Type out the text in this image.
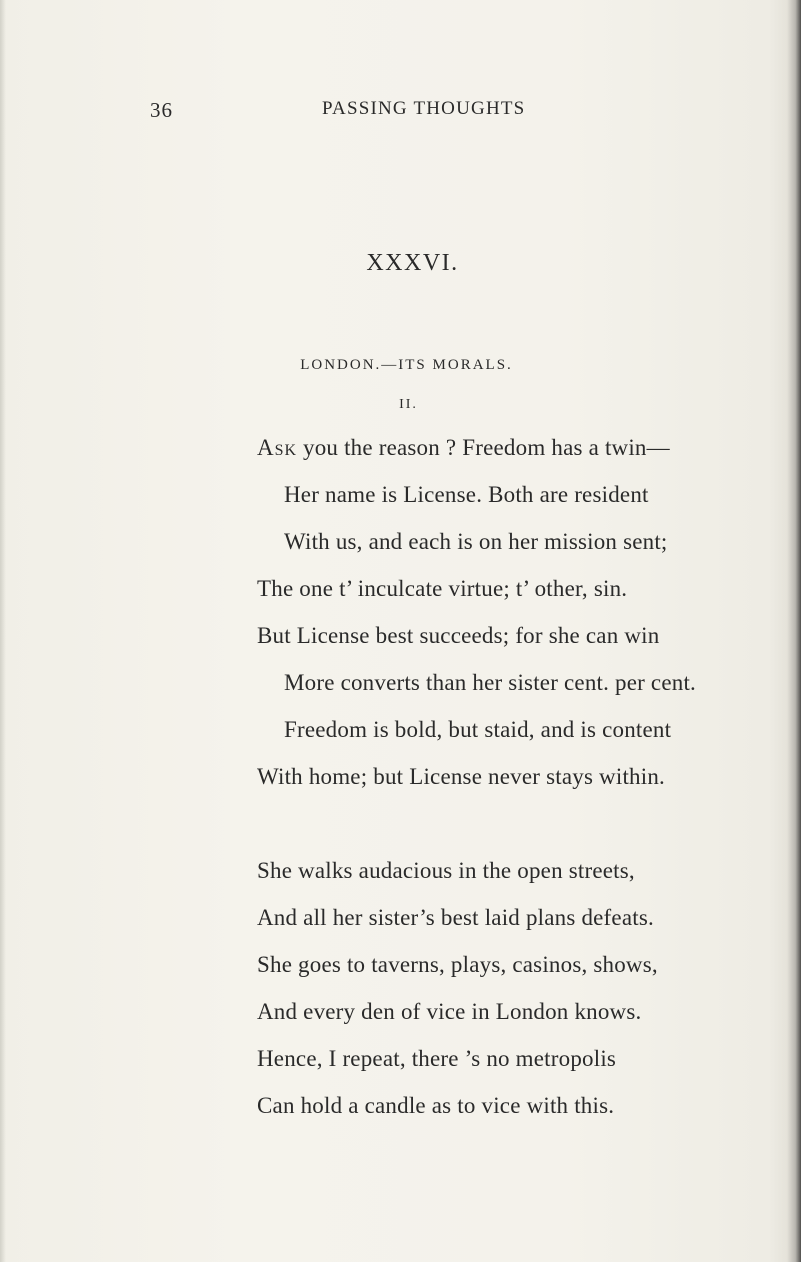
36	PASSING THOUGHTS
XXXVI.
LONDON.—ITS MORALS.
II.
Ask you the reason ? Freedom has a twin—
Her name is License. Both are resident
With us, and each is on her mission sent;
The one t’ inculcate virtue; t’ other, sin.
But License best succeeds; for she can win
More converts than her sister cent. per cent.
Freedom is bold, but staid, and is content
With home; but License never stays within.
She walks audacious in the open streets,
And all her sister’s best laid plans defeats.
She goes to taverns, plays, casinos, shows,
And every den of vice in London knows.
Hence, I repeat, there ’s no metropolis
Can hold a candle as to vice with this.
